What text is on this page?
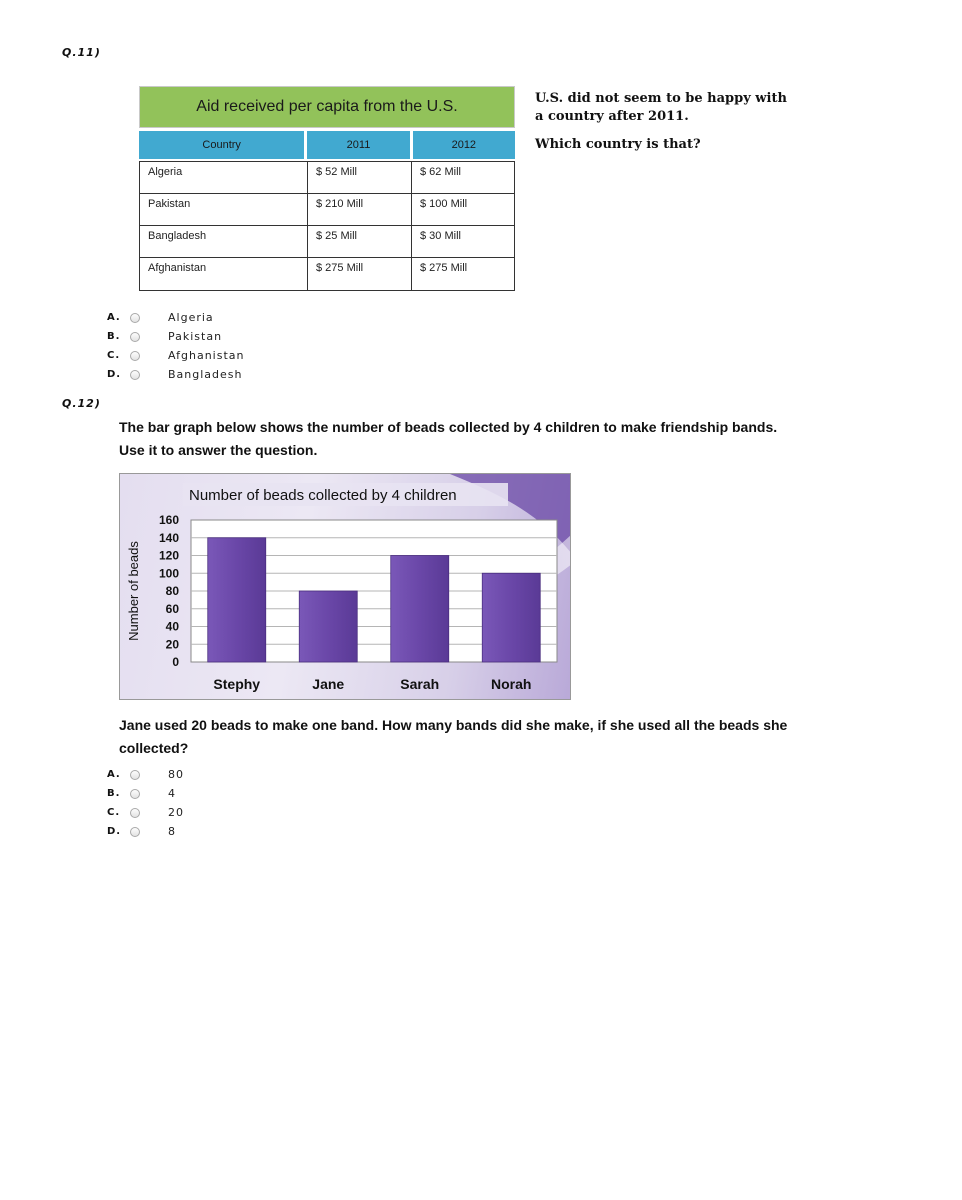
Q.11)
Aid received per capita from the U.S.
Country	2011	2012
Algeria	$ 52 Mill	$ 62 Mill
Pakistan	$ 210 Mill	$ 100 Mill
Bangladesh	$ 25 Mill	$ 30 Mill
Afghanistan	$ 275 Mill	$ 275 Mill

U.S. did not seem to be happy with
a country after 2011.

Which country is that?

A.	Algeria
B.	Pakistan
C.	Afghanistan
D.	Bangladesh
Q.12)

The bar graph below shows the number of beads collected by 4 children to make friendship bands.

Use it to answer the question.

Number of beads collected by 4 children
0
20
40
60
80
100
120
140
160
Stephy	Jane	Sarah	Norah
Number of beads

Jane used 20 beads to make one band. How many bands did she make, if she used all the beads she

collected?

A.	80
B.	4
C.	20
D.	8
